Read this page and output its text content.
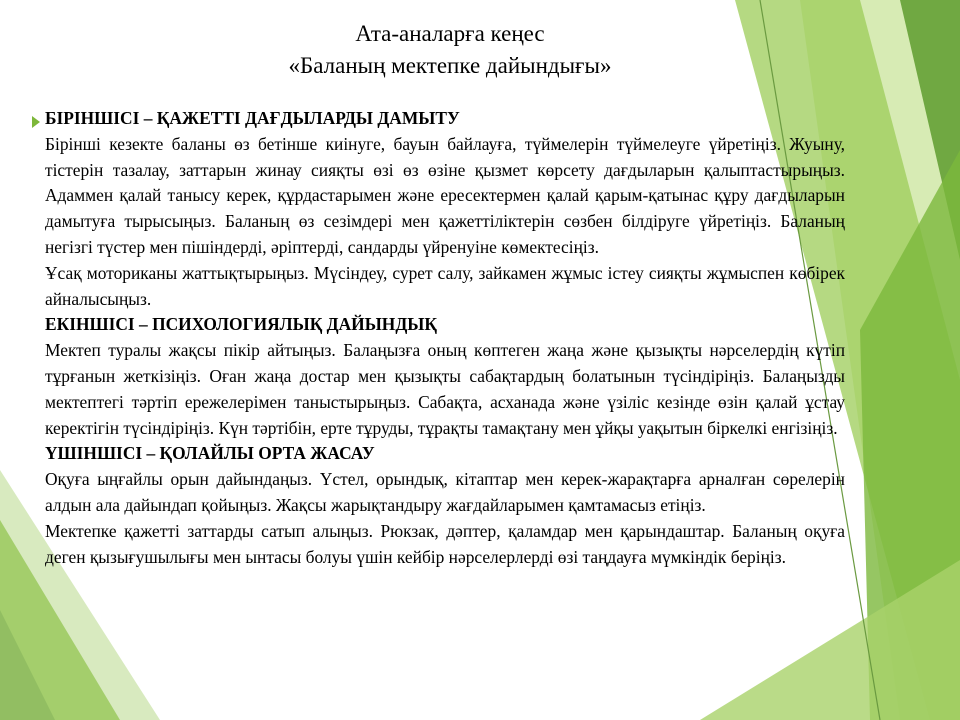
Ата-аналарға кеңес
«Баланың мектепке дайындығы»
БІРІНШІСІ – ҚАЖЕТТІ ДАҒДЫЛАРДЫ ДАМЫТУ

Бірінші кезекте баланы өз бетінше киінуге, бауын байлауға, түймелерін түймелеуге үйретіңіз. Жуыну, тістерін тазалау, заттарын жинау сияқты өзі өз өзіне қызмет көрсету дағдыларын қалыптастырыңыз. Адаммен қалай танысу керек, құрдастарымен және ересектермен қалай қарым-қатынас құру дағдыларын дамытуға тырысыңыз. Баланың өз сезімдері мен қажеттіліктерін сөзбен білдіруге үйретіңіз. Баланың негізгі түстер мен пішіндерді, әріптерді, сандарды үйренуіне көмектесіңіз.

Ұсақ моториканы жаттықтырыңыз. Мүсіндеу, сурет салу, зайкамен жұмыс істеу сияқты жұмыспен көбірек айналысыңыз.

ЕКІНШІСІ – ПСИХОЛОГИЯЛЫҚ ДАЙЫНДЫҚ

Мектеп туралы жақсы пікір айтыңыз. Балаңызға оның көптеген жаңа және қызықты нәрселердің күтіп тұрғанын жеткізіңіз. Оған жаңа достар мен қызықты сабақтардың болатынын түсіндіріңіз. Балаңызды мектептегі тәртіп ережелерімен таныстырыңыз. Сабақта, асханада және үзіліс кезінде өзін қалай ұстау керектігін түсіндіріңіз. Күн тәртібін, ерте тұруды, тұрақты тамақтану мен ұйқы уақытын біркелкі енгізіңіз.

ҮШІНШІСІ – ҚОЛАЙЛЫ ОРТА ЖАСАУ

Оқуға ыңғайлы орын дайындаңыз. Үстел, орындық, кітаптар мен керек-жарақтарға арналған сөрелерін алдын ала дайындап қойыңыз. Жақсы жарықтандыру жағдайларымен қамтамасыз етіңіз.

Мектепке қажетті заттарды сатып алыңыз. Рюкзак, дәптер, қаламдар мен қарындаштар. Баланың оқуға деген қызығушылығы мен ынтасы болуы үшін кейбір нәрселерлерді өзі таңдауға мүмкіндік беріңіз.
